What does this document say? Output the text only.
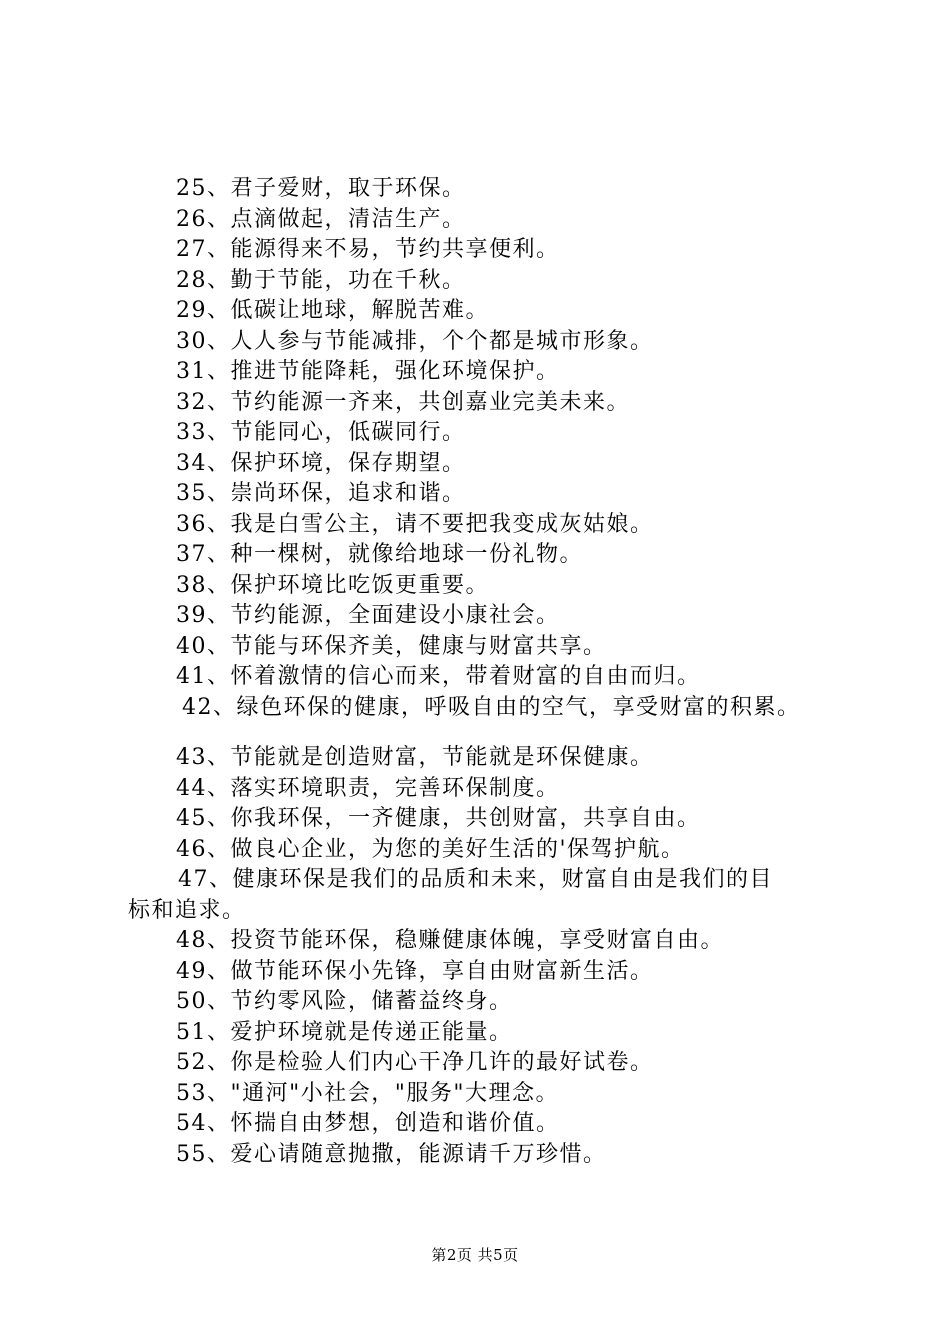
25、君子爱财，取于环保。
26、点滴做起，清洁生产。
27、能源得来不易，节约共享便利。
28、勤于节能，功在千秋。
29、低碳让地球，解脱苦难。
30、人人参与节能减排，个个都是城市形象。
31、推进节能降耗，强化环境保护。
32、节约能源一齐来，共创嘉业完美未来。
33、节能同心，低碳同行。
34、保护环境，保存期望。
35、崇尚环保，追求和谐。
36、我是白雪公主，请不要把我变成灰姑娘。
37、种一棵树，就像给地球一份礼物。
38、保护环境比吃饭更重要。
39、节约能源，全面建设小康社会。
40、节能与环保齐美，健康与财富共享。
41、怀着激情的信心而来，带着财富的自由而归。
42、绿色环保的健康，呼吸自由的空气，享受财富的积累。
43、节能就是创造财富，节能就是环保健康。
44、落实环境职责，完善环保制度。
45、你我环保，一齐健康，共创财富，共享自由。
46、做良心企业，为您的美好生活的'保驾护航。
47、健康环保是我们的品质和未来，财富自由是我们的目
标和追求。
48、投资节能环保，稳赚健康体魄，享受财富自由。
49、做节能环保小先锋，享自由财富新生活。
50、节约零风险，储蓄益终身。
51、爱护环境就是传递正能量。
52、你是检验人们内心干净几许的最好试卷。
53、"通河"小社会，"服务"大理念。
54、怀揣自由梦想，创造和谐价值。
55、爱心请随意抛撒，能源请千万珍惜。
第2页 共5页
